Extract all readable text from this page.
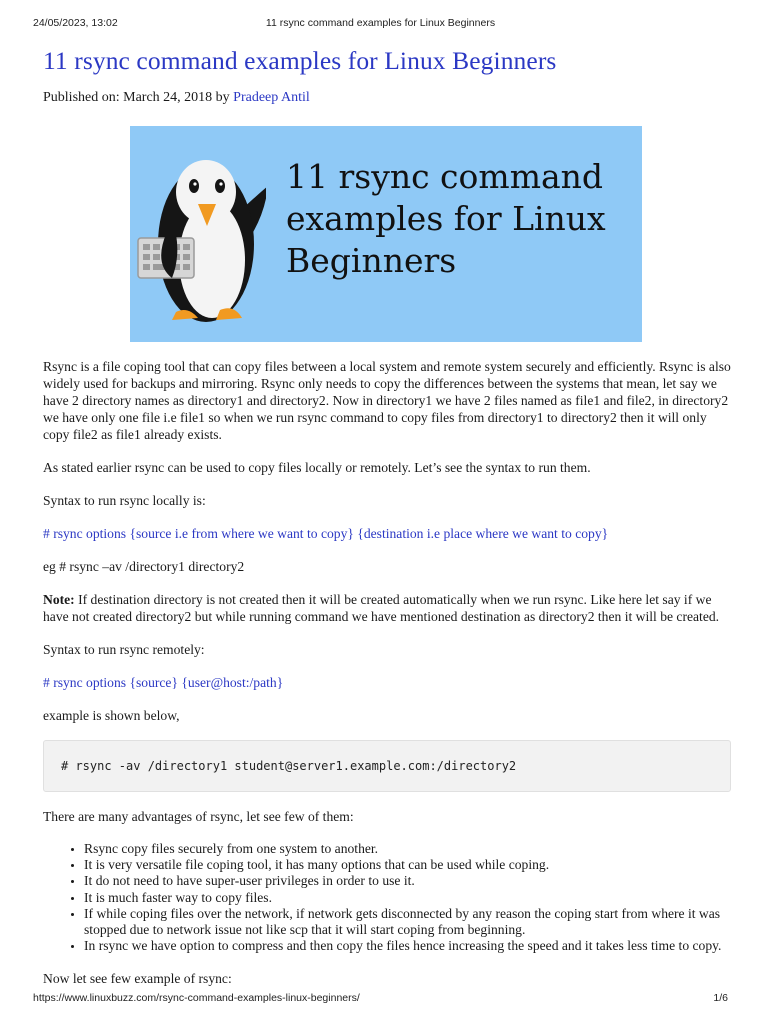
24/05/2023, 13:02	11 rsync command examples for Linux Beginners
11 rsync command examples for Linux Beginners
Published on: March 24, 2018 by Pradeep Antil
11 rsync command
examples for Linux
Beginners

Rsync is a file coping tool that can copy files between a local system and remote system securely and efficiently. Rsync is also widely used for backups and mirroring. Rsync only needs to copy the differences between the systems that mean, let say we have 2 directory names as directory1 and directory2. Now in directory1 we have 2 files named as file1 and file2, in directory2 we have only one file i.e file1 so when we run rsync command to copy files from directory1 to directory2 then it will only copy file2 as file1 already exists.

As stated earlier rsync can be used to copy files locally or remotely. Let’s see the syntax to run them.

Syntax to run rsync locally is:

# rsync options {source i.e from where we want to copy} {destination i.e place where we want to copy}

eg # rsync –av /directory1 directory2

Note: If destination directory is not created then it will be created automatically when we run rsync. Like here let say if we have not created directory2 but while running command we have mentioned destination as directory2 then it will be created.

Syntax to run rsync remotely:

# rsync options {source} {user@host:/path}

example is shown below,

# rsync -av /directory1 student@server1.example.com:/directory2

There are many advantages of rsync, let see few of them:

• Rsync copy files securely from one system to another.
• It is very versatile file coping tool, it has many options that can be used while coping.
• It do not need to have super-user privileges in order to use it.
• It is much faster way to copy files.
• If while coping files over the network, if network gets disconnected by any reason the coping start from where it was stopped due to network issue not like scp that it will start coping from beginning.
• In rsync we have option to compress and then copy the files hence increasing the speed and it takes less time to copy.

Now let see few example of rsync:

https://www.linuxbuzz.com/rsync-command-examples-linux-beginners/	1/6
